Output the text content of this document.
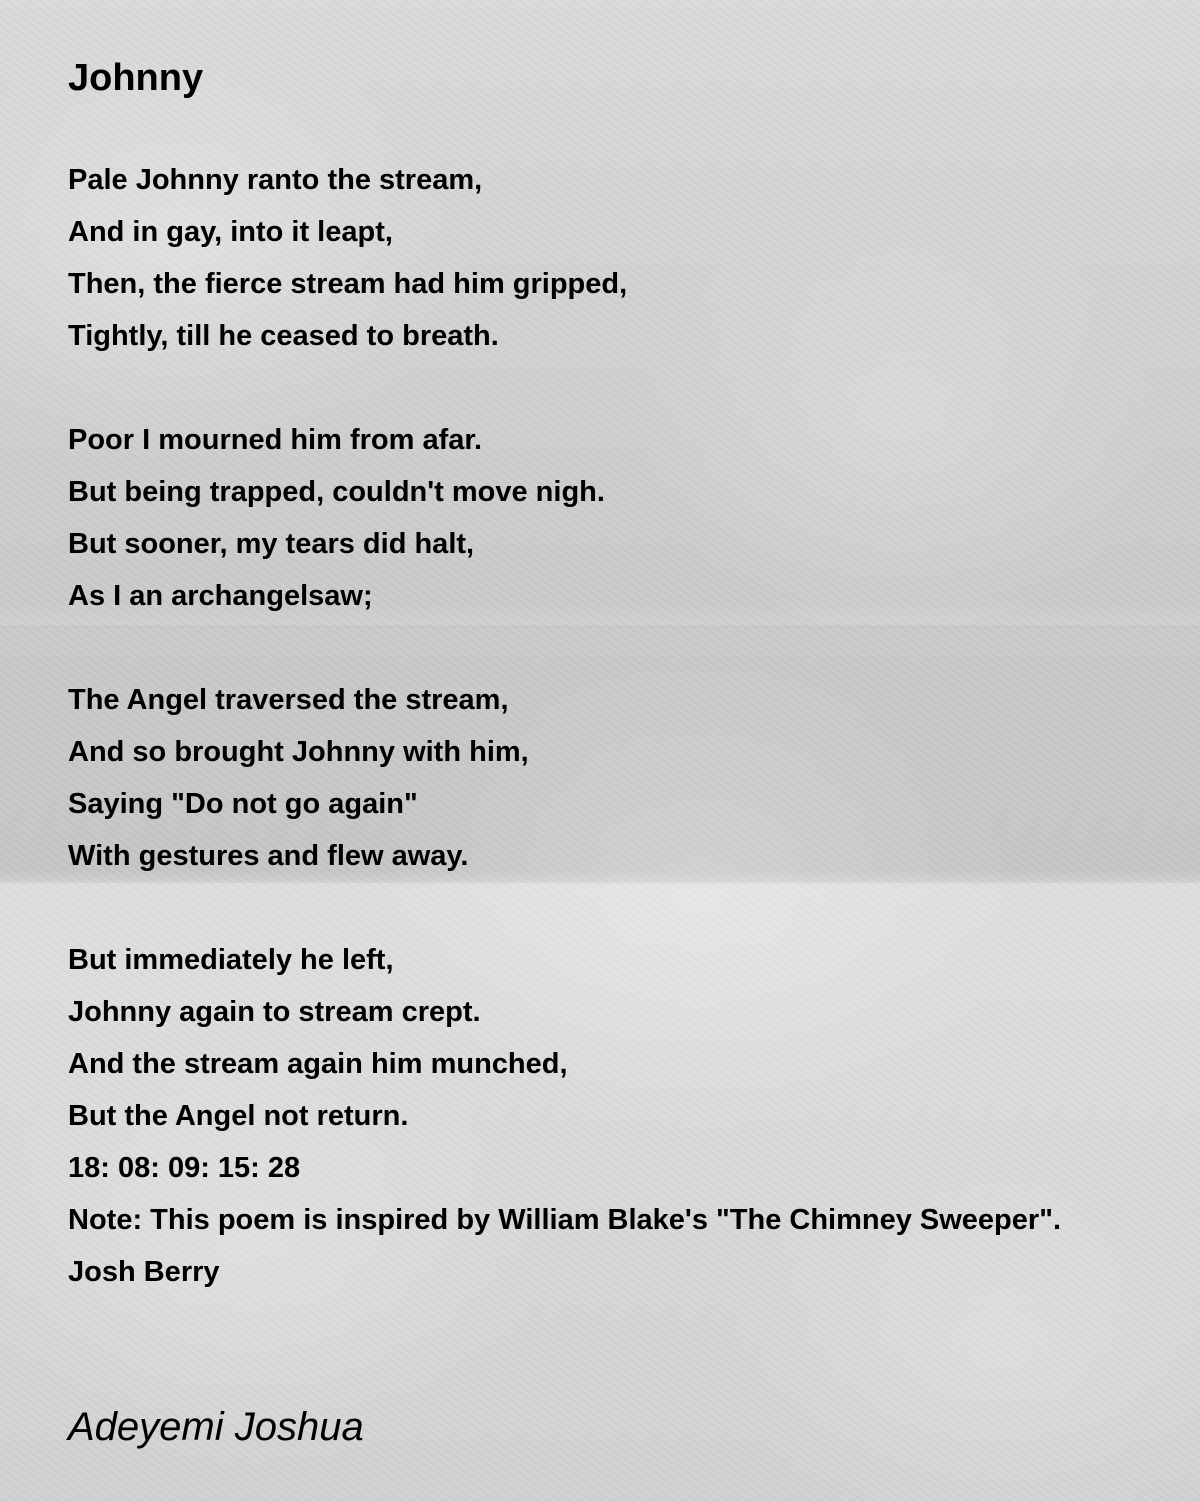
Johnny
Pale Johnny ranto the stream,
And in gay, into it leapt,
Then, the fierce stream had him gripped,
Tightly, till he ceased to breath.
Poor I mourned him from afar.
But being trapped, couldn't move nigh.
But sooner, my tears did halt,
As I an archangelsaw;
The Angel traversed the stream,
And so brought Johnny with him,
Saying "Do not go again"
With gestures and flew away.
But immediately he left,
Johnny again to stream crept.
And the stream again him munched,
But the Angel not return.
18: 08: 09: 15: 28
Note: This poem is inspired by William Blake's "The Chimney Sweeper".
Josh Berry

Adeyemi Joshua
